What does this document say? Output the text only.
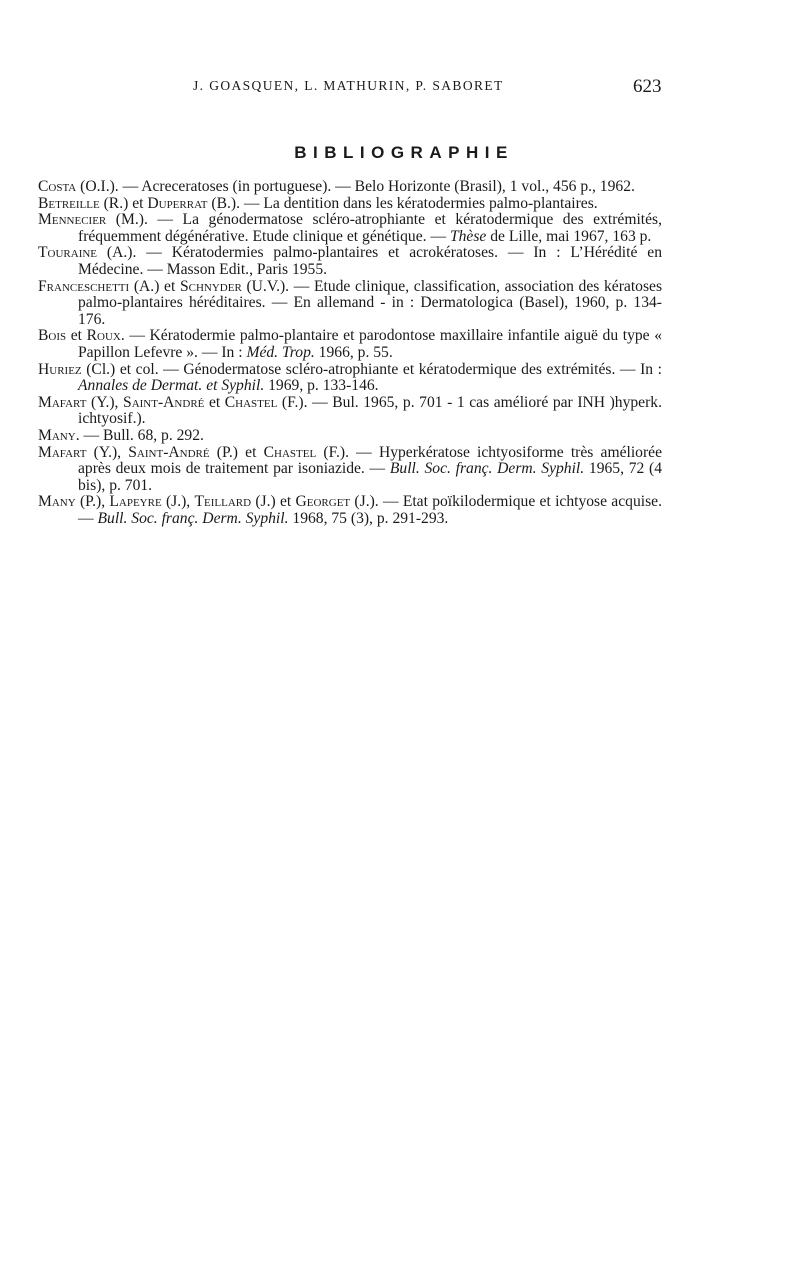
J. GOASQUEN, L. MATHURIN, P. SABORET	623
BIBLIOGRAPHIE
Costa (O.I.). — Acreceratoses (in portuguese). — Belo Horizonte (Brasil), 1 vol., 456 p., 1962.
Betreille (R.) et Duperrat (B.). — La dentition dans les kératodermies palmo-plantaires.
Mennecier (M.). — La génodermatose scléro-atrophiante et kératodermique des extrémités, fréquemment dégénérative. Etude clinique et génétique. — Thèse de Lille, mai 1967, 163 p.
Touraine (A.). — Kératodermies palmo-plantaires et acrokératoses. — In : L’Hérédité en Médecine. — Masson Edit., Paris 1955.
Franceschetti (A.) et Schnyder (U.V.). — Etude clinique, classification, association des kératoses palmo-plantaires héréditaires. — En allemand - in : Dermatologica (Basel), 1960, p. 134-176.
Bois et Roux. — Kératodermie palmo-plantaire et parodontose maxillaire infantile aiguë du type « Papillon Lefevre ». — In : Méd. Trop. 1966, p. 55.
Huriez (Cl.) et col. — Génodermatose scléro-atrophiante et kératodermique des extrémités. — In : Annales de Dermat. et Syphil. 1969, p. 133-146.
Mafart (Y.), Saint-André et Chastel (F.). — Bul. 1965, p. 701 - 1 cas amélioré par INH )hyperk. ichtyosif.).
Many. — Bull. 68, p. 292.
Mafart (Y.), Saint-André (P.) et Chastel (F.). — Hyperkératose ichtyosiforme très améliorée après deux mois de traitement par isoniazide. — Bull. Soc. franç. Derm. Syphil. 1965, 72 (4 bis), p. 701.
Many (P.), Lapeyre (J.), Teillard (J.) et Georget (J.). — Etat poïkilodermique et ichtyose acquise. — Bull. Soc. franç. Derm. Syphil. 1968, 75 (3), p. 291-293.
